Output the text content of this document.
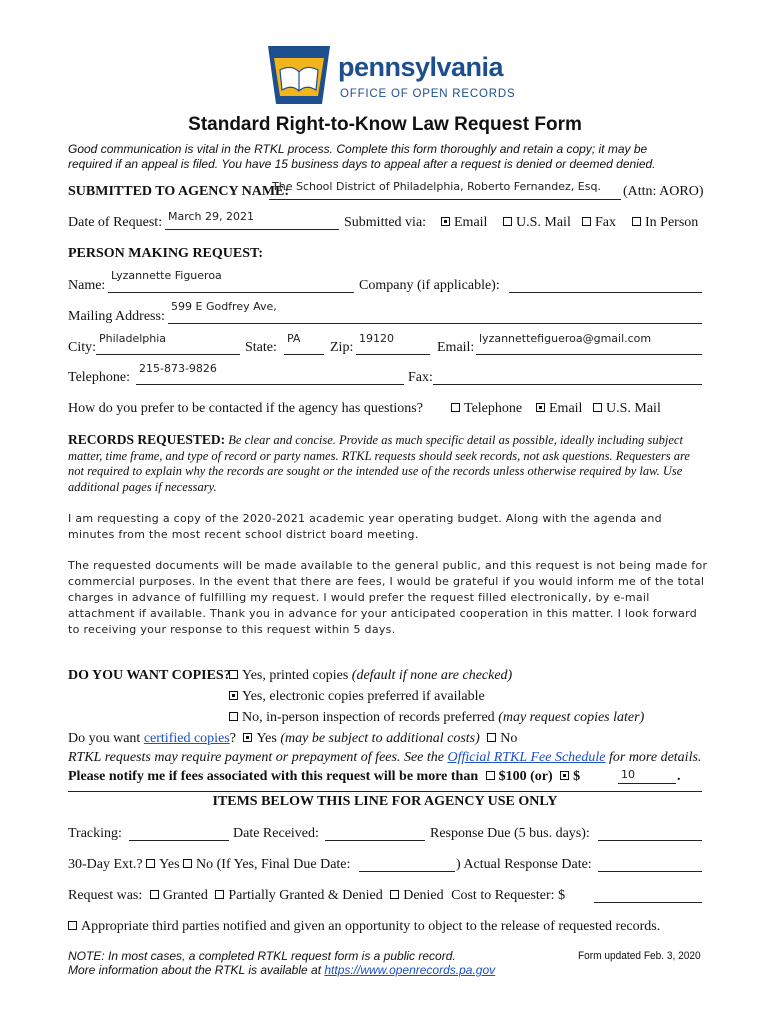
pennsylvania
OFFICE OF OPEN RECORDS
Standard Right-to-Know Law Request Form
Good communication is vital in the RTKL process. Complete this form thoroughly and retain a copy; it may be
required if an appeal is filed. You have 15 business days to appeal after a request is denied or deemed denied.
SUBMITTED TO AGENCY NAME:
The School District of Philadelphia, Roberto Fernandez, Esq. (Attn: AORO)
Date of Request: March 29, 2021	Submitted via:	Email	U.S. Mail	Fax	In Person
PERSON MAKING REQUEST:
Name:
Lyzannette Figueroa
Company (if applicable):
Mailing Address:
599 E Godfrey Ave,
City:
Philadelphia
State:
PA
Zip:
19120
Email:
lyzannettefigueroa@gmail.com
Telephone:
215-873-9826
Fax:
How do you prefer to be contacted if the agency has questions?	Telephone	Email	U.S. Mail
RECORDS REQUESTED: Be clear and concise. Provide as much specific detail as possible, ideally including subject matter, time frame, and type of record or party names. RTKL requests should seek records, not ask questions. Requesters are not required to explain why the records are sought or the intended use of the records unless otherwise required by law. Use additional pages if necessary.
I am requesting a copy of the 2020-2021 academic year operating budget. Along with the agenda and minutes from the most recent school district board meeting.
The requested documents will be made available to the general public, and this request is not being made for commercial purposes. In the event that there are fees, I would be grateful if you would inform me of the total charges in advance of fulfilling my request. I would prefer the request filled electronically, by e-mail attachment if available. Thank you in advance for your anticipated cooperation in this matter. I look forward to receiving your response to this request within 5 days.
DO YOU WANT COPIES? Yes, printed copies (default if none are checked)
Yes, electronic copies preferred if available
No, in-person inspection of records preferred (may request copies later)
Do you want certified copies? Yes (may be subject to additional costs) No
RTKL requests may require payment or prepayment of fees. See the Official RTKL Fee Schedule for more details.
Please notify me if fees associated with this request will be more than $100 (or) $	10	.
ITEMS BELOW THIS LINE FOR AGENCY USE ONLY
Tracking:	Date Received:	Response Due (5 bus. days):
30-Day Ext.? Yes No (If Yes, Final Due Date:	) Actual Response Date:
Request was: Granted Partially Granted & Denied Denied Cost to Requester: $
Appropriate third parties notified and given an opportunity to object to the release of requested records.
NOTE: In most cases, a completed RTKL request form is a public record.
More information about the RTKL is available at https://www.openrecords.pa.gov
Form updated Feb. 3, 2020
